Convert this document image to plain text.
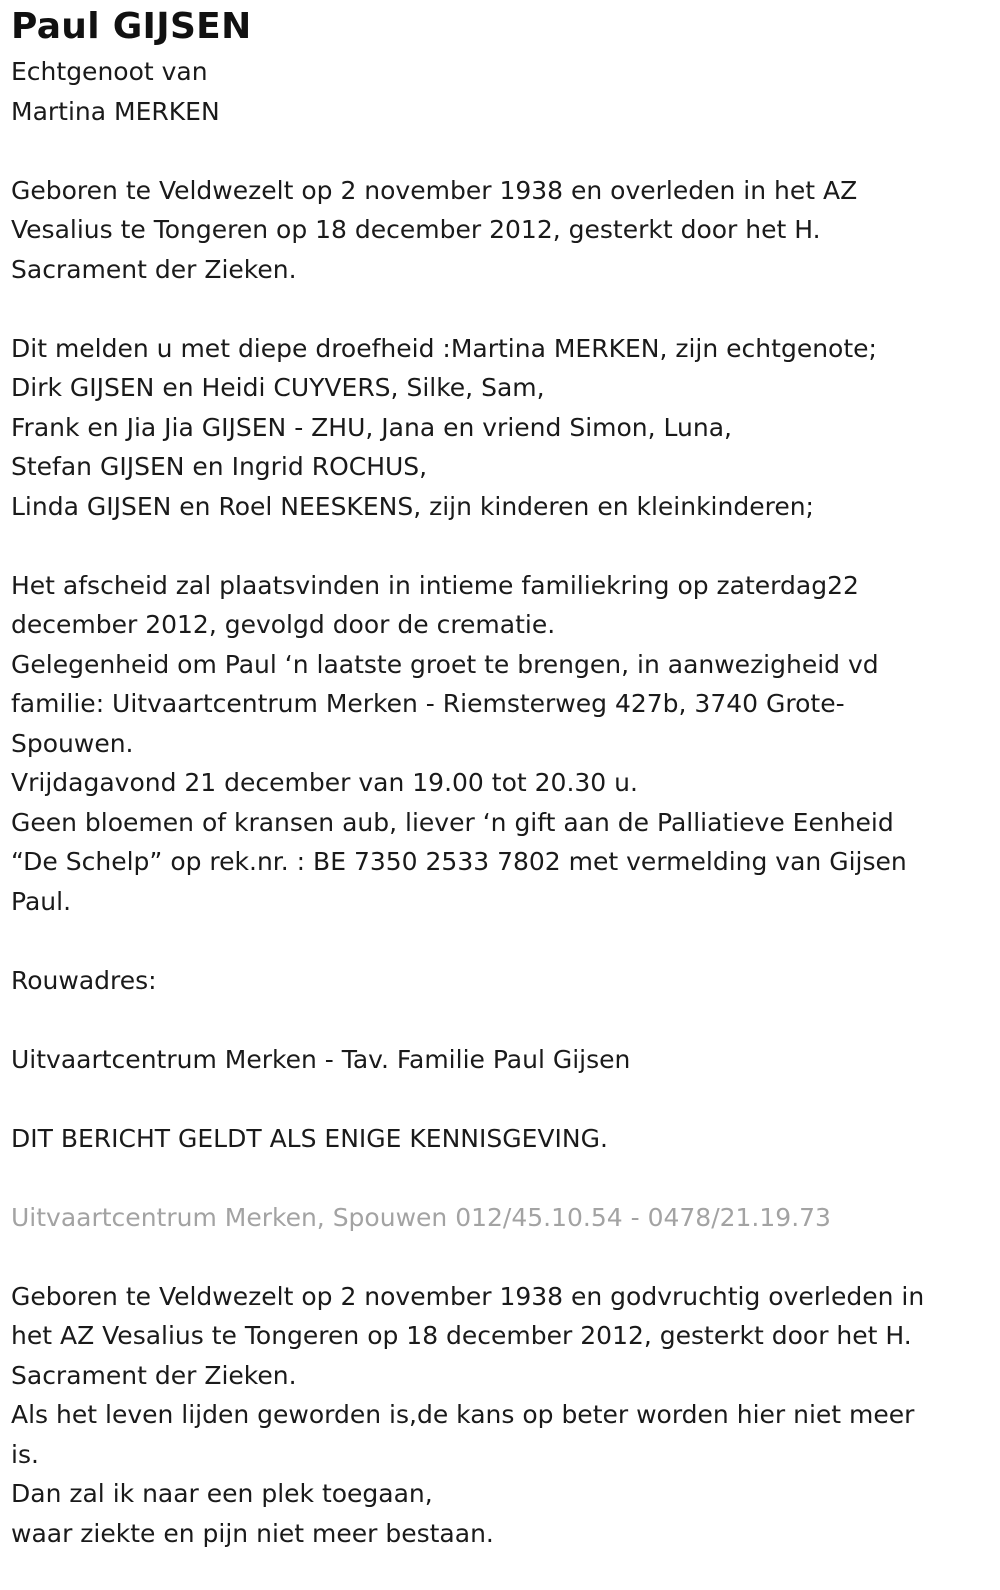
Paul GIJSEN
Echtgenoot van
Martina MERKEN
Geboren te Veldwezelt op 2 november 1938 en overleden in het AZ
Vesalius te Tongeren op 18 december 2012, gesterkt door het H.
Sacrament der Zieken.
Dit melden u met diepe droefheid :Martina MERKEN, zijn echtgenote;
Dirk GIJSEN en Heidi CUYVERS, Silke, Sam,
Frank en Jia Jia GIJSEN - ZHU, Jana en vriend Simon, Luna,
Stefan GIJSEN en Ingrid ROCHUS,
Linda GIJSEN en Roel NEESKENS, zijn kinderen en kleinkinderen;
Het afscheid zal plaatsvinden in intieme familiekring op zaterdag22
december 2012, gevolgd door de crematie.
Gelegenheid om Paul ‘n laatste groet te brengen, in aanwezigheid vd
familie: Uitvaartcentrum Merken - Riemsterweg 427b, 3740 Grote-
Spouwen.
Vrijdagavond 21 december van 19.00 tot 20.30 u.
Geen bloemen of kransen aub, liever ‘n gift aan de Palliatieve Eenheid
“De Schelp” op rek.nr. : BE 7350 2533 7802 met vermelding van Gijsen
Paul.
Rouwadres:
Uitvaartcentrum Merken - Tav. Familie Paul Gijsen
DIT BERICHT GELDT ALS ENIGE KENNISGEVING.
Uitvaartcentrum Merken, Spouwen 012/45.10.54 - 0478/21.19.73
Geboren te Veldwezelt op 2 november 1938 en godvruchtig overleden in
het AZ Vesalius te Tongeren op 18 december 2012, gesterkt door het H.
Sacrament der Zieken.
Als het leven lijden geworden is,de kans op beter worden hier niet meer
is.
Dan zal ik naar een plek toegaan,
waar ziekte en pijn niet meer bestaan.
